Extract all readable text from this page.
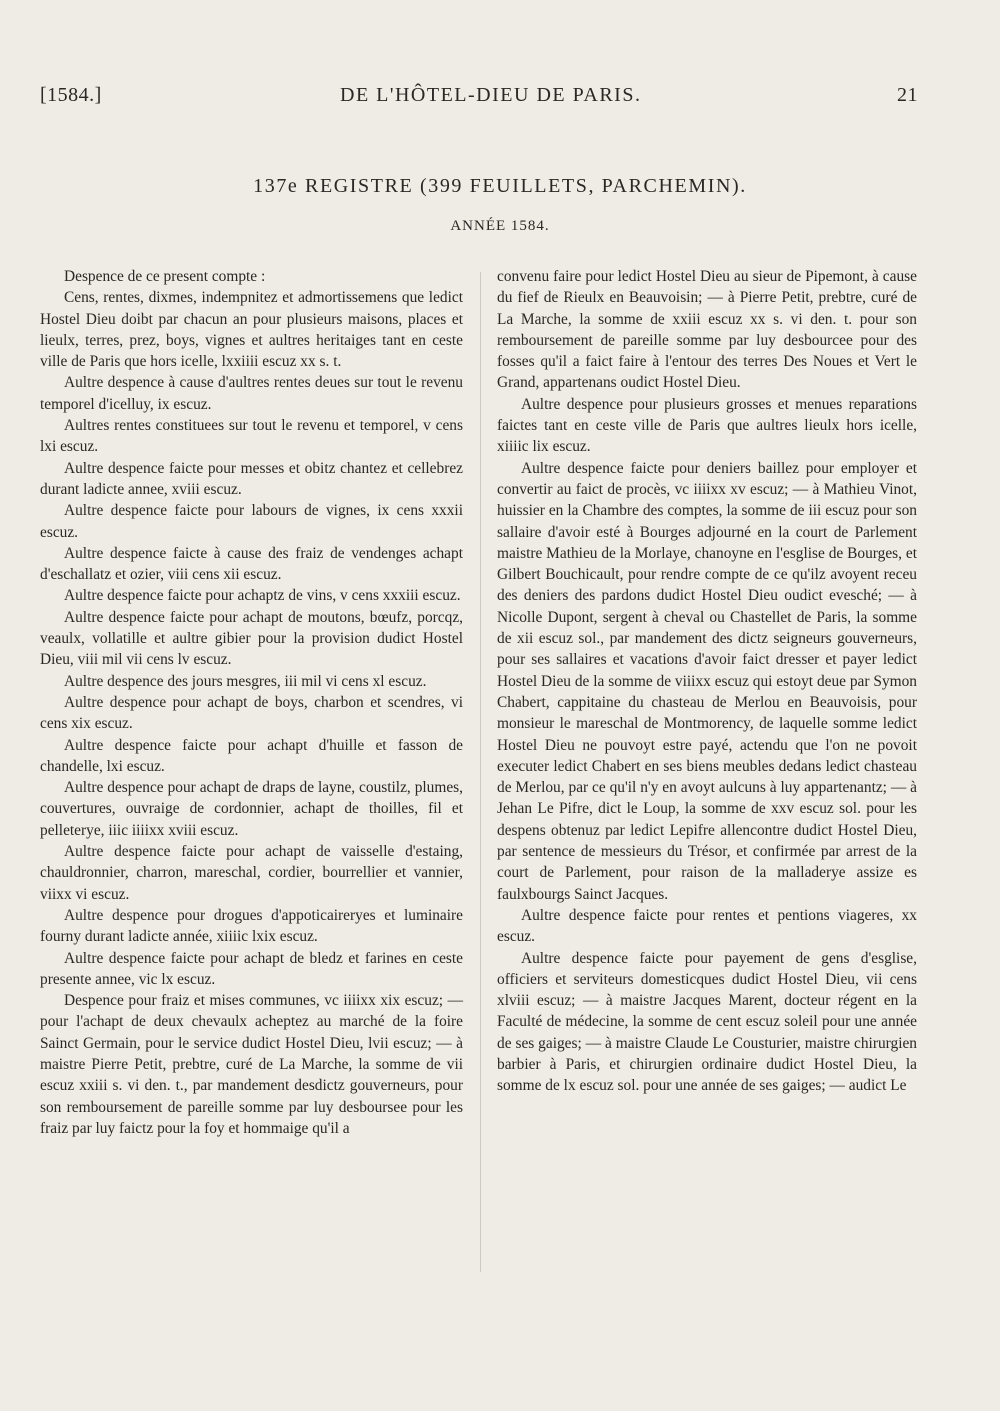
[1584.]	DE L'HÔTEL-DIEU DE PARIS.	21
137e REGISTRE (399 FEUILLETS, PARCHEMIN).
ANNÉE 1584.

Despence de ce present compte :

Cens, rentes, dixmes, indempnitez et admortissemens que ledict Hostel Dieu doibt par chacun an pour plusieurs maisons, places et lieulx, terres, prez, boys, vignes et aultres heritaiges tant en ceste ville de Paris que hors icelle, lxxiiii escuz xx s. t.

Aultre despence à cause d'aultres rentes deues sur tout le revenu temporel d'icelluy, ix escuz.

Aultres rentes constituees sur tout le revenu et temporel, v cens lxi escuz.

Aultre despence faicte pour messes et obitz chantez et cellebrez durant ladicte annee, xviii escuz.

Aultre despence faicte pour labours de vignes, ix cens xxxii escuz.

Aultre despence faicte à cause des fraiz de vendenges achapt d'eschallatz et ozier, viii cens xii escuz.

Aultre despence faicte pour achaptz de vins, v cens xxxiii escuz.

Aultre despence faicte pour achapt de moutons, bœufz, porcqz, veaulx, vollatille et aultre gibier pour la provision dudict Hostel Dieu, viii mil vii cens lv escuz.

Aultre despence des jours mesgres, iii mil vi cens xl escuz.

Aultre despence pour achapt de boys, charbon et scendres, vi cens xix escuz.

Aultre despence faicte pour achapt d'huille et fasson de chandelle, lxi escuz.

Aultre despence pour achapt de draps de layne, coustilz, plumes, couvertures, ouvraige de cordonnier, achapt de thoilles, fil et pelleterye, iiic iiiixx xviii escuz.

Aultre despence faicte pour achapt de vaisselle d'estaing, chauldronnier, charron, mareschal, cordier, bourrellier et vannier, viixx vi escuz.

Aultre despence pour drogues d'appoticaireryes et luminaire fourny durant ladicte année, xiiiic lxix escuz.

Aultre despence faicte pour achapt de bledz et farines en ceste presente annee, vic lx escuz.

Despence pour fraiz et mises communes, vc iiiixx xix escuz; — pour l'achapt de deux chevaulx acheptez au marché de la foire Sainct Germain, pour le service dudict Hostel Dieu, lvii escuz; — à maistre Pierre Petit, prebtre, curé de La Marche, la somme de vii escuz xxiii s. vi den. t., par mandement desdictz gouverneurs, pour son remboursement de pareille somme par luy desboursee pour les fraiz par luy faictz pour la foy et hommaige qu'il a

convenu faire pour ledict Hostel Dieu au sieur de Pipemont, à cause du fief de Rieulx en Beauvoisin; — à Pierre Petit, prebtre, curé de La Marche, la somme de xxiii escuz xx s. vi den. t. pour son remboursement de pareille somme par luy desbourcee pour des fosses qu'il a faict faire à l'entour des terres Des Noues et Vert le Grand, appartenans oudict Hostel Dieu.

Aultre despence pour plusieurs grosses et menues reparations faictes tant en ceste ville de Paris que aultres lieulx hors icelle, xiiiic lix escuz.

Aultre despence faicte pour deniers baillez pour employer et convertir au faict de procès, vc iiiixx xv escuz; — à Mathieu Vinot, huissier en la Chambre des comptes, la somme de iii escuz pour son sallaire d'avoir esté à Bourges adjourné en la court de Parlement maistre Mathieu de la Morlaye, chanoyne en l'esglise de Bourges, et Gilbert Bouchicault, pour rendre compte de ce qu'ilz avoyent receu des deniers des pardons dudict Hostel Dieu oudict evesché; — à Nicolle Dupont, sergent à cheval ou Chastellet de Paris, la somme de xii escuz sol., par mandement des dictz seigneurs gouverneurs, pour ses sallaires et vacations d'avoir faict dresser et payer ledict Hostel Dieu de la somme de viiixx escuz qui estoyt deue par Symon Chabert, cappitaine du chasteau de Merlou en Beauvoisis, pour monsieur le mareschal de Montmorency, de laquelle somme ledict Hostel Dieu ne pouvoyt estre payé, actendu que l'on ne povoit executer ledict Chabert en ses biens meubles dedans ledict chasteau de Merlou, par ce qu'il n'y en avoyt aulcuns à luy appartenantz; — à Jehan Le Pifre, dict le Loup, la somme de xxv escuz sol. pour les despens obtenuz par ledict Lepifre allencontre dudict Hostel Dieu, par sentence de messieurs du Trésor, et confirmée par arrest de la court de Parlement, pour raison de la malladerye assize es faulxbourgs Sainct Jacques.

Aultre despence faicte pour rentes et pentions viageres, xx escuz.

Aultre despence faicte pour payement de gens d'esglise, officiers et serviteurs domesticques dudict Hostel Dieu, vii cens xlviii escuz; — à maistre Jacques Marent, docteur régent en la Faculté de médecine, la somme de cent escuz soleil pour une année de ses gaiges; — à maistre Claude Le Cousturier, maistre chirurgien barbier à Paris, et chirurgien ordinaire dudict Hostel Dieu, la somme de lx escuz sol. pour une année de ses gaiges; — audict Le
